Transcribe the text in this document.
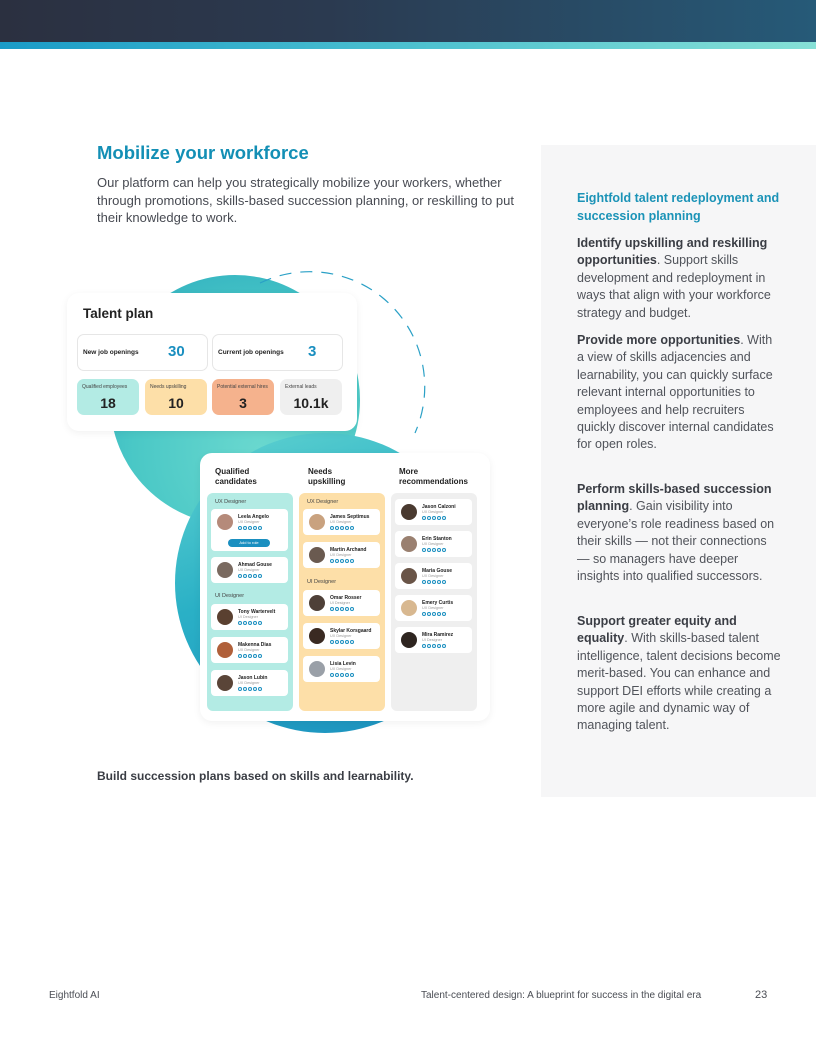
Mobilize your workforce

Our platform can help you strategically mobilize your workers, whether through promotions, skills-based succession planning, or reskilling to put their knowledge to work.

Talent plan
New job openings 30	Current job openings 3
Qualified employees
18
Needs upskilling
10
Potential external hires
3
External leads
10.1k
Qualified
candidates
Needs
upskilling
More
recommendations
UX Designer
Leela Angelo
UX Designer
Add to role
Ahmad Gouse
UX Designer
UI Designer
Tony Wartervelt
UI Designer
Makenna Dias
UX Designer
Jason Lubin
UX Designer
UX Designer
James Septimus
UX Designer
Martin Archand
UX Designer
UI Designer
Omar Rosser
UI Designer
Skylar Korsgaard
UX Designer
Lisia Levin
UX Designer
Jason Calzoni
UX Designer
Erin Stanton
UX Designer
Maria Gouse
UX Designer
Emery Curtis
UX Designer
Mira Ramirez
UI Designer

Build succession plans based on skills and learnability.

Eightfold talent redeployment and succession planning

Identify upskilling and reskilling opportunities. Support skills development and redeployment in ways that align with your workforce strategy and budget.

Provide more opportunities. With a view of skills adjacencies and learnability, you can quickly surface relevant internal opportunities to employees and help recruiters quickly discover internal candidates for open roles.

Perform skills-based succession planning. Gain visibility into everyone’s role readiness based on their skills — not their connections — so managers have deeper insights into qualified successors.

Support greater equity and equality. With skills-based talent intelligence, talent decisions become merit-based. You can enhance and support DEI efforts while creating a more agile and dynamic way of managing talent.

Eightfold AI	Talent-centered design: A blueprint for success in the digital era	23
